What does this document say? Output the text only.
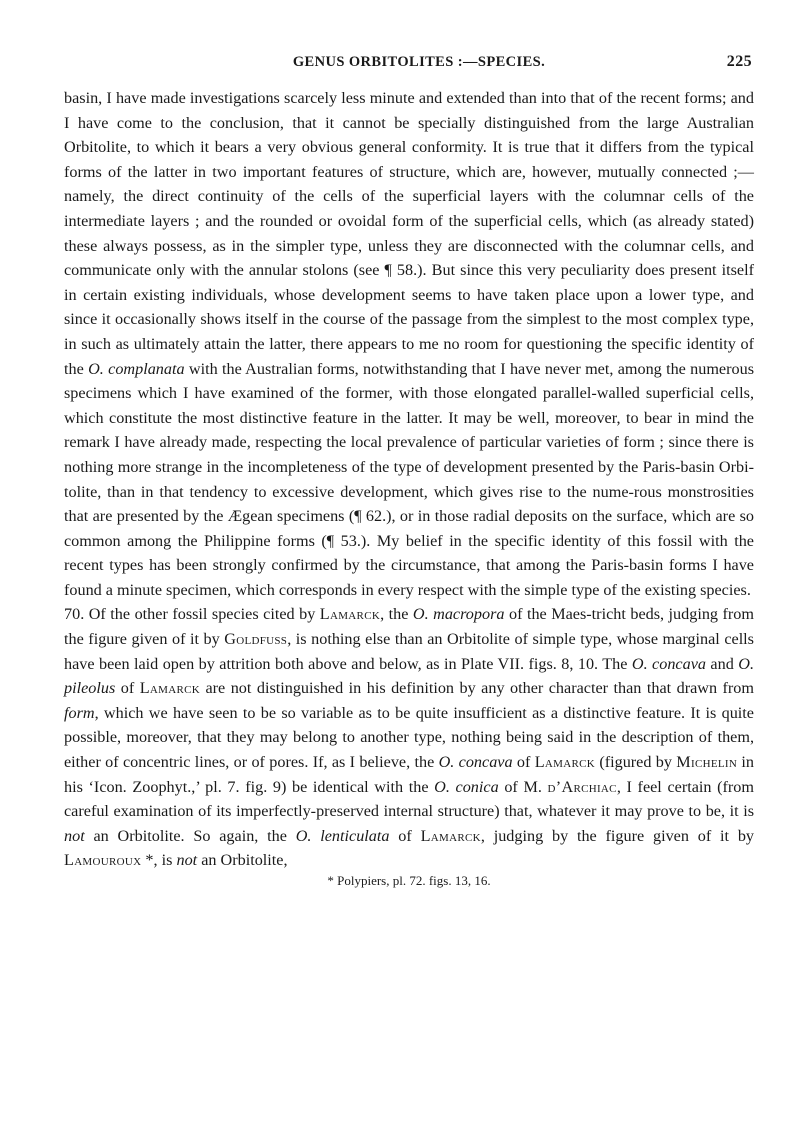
GENUS ORBITOLITES :—SPECIES.	225

basin, I have made investigations scarcely less minute and extended than into that of the recent forms; and I have come to the conclusion, that it cannot be specially distinguished from the large Australian Orbitolite, to which it bears a very obvious general conformity. It is true that it differs from the typical forms of the latter in two important features of structure, which are, however, mutually connected ;— namely, the direct continuity of the cells of the superficial layers with the columnar cells of the intermediate layers ; and the rounded or ovoidal form of the superficial cells, which (as already stated) these always possess, as in the simpler type, unless they are disconnected with the columnar cells, and communicate only with the annular stolons (see ¶ 58.). But since this very peculiarity does present itself in certain existing individuals, whose development seems to have taken place upon a lower type, and since it occasionally shows itself in the course of the passage from the simplest to the most complex type, in such as ultimately attain the latter, there appears to me no room for questioning the specific identity of the O. complanata with the Australian forms, notwithstanding that I have never met, among the numerous specimens which I have examined of the former, with those elongated parallel-walled superficial cells, which constitute the most distinctive feature in the latter. It may be well, moreover, to bear in mind the remark I have already made, respecting the local prevalence of particular varieties of form ; since there is nothing more strange in the incompleteness of the type of development presented by the Paris-basin Orbi-tolite, than in that tendency to excessive development, which gives rise to the nume-rous monstrosities that are presented by the Ægean specimens (¶ 62.), or in those radial deposits on the surface, which are so common among the Philippine forms (¶ 53.). My belief in the specific identity of this fossil with the recent types has been strongly confirmed by the circumstance, that among the Paris-basin forms I have found a minute specimen, which corresponds in every respect with the simple type of the existing species.

70. Of the other fossil species cited by Lamarck, the O. macropora of the Maes-tricht beds, judging from the figure given of it by Goldfuss, is nothing else than an Orbitolite of simple type, whose marginal cells have been laid open by attrition both above and below, as in Plate VII. figs. 8, 10. The O. concava and O. pileolus of Lamarck are not distinguished in his definition by any other character than that drawn from form, which we have seen to be so variable as to be quite insufficient as a distinctive feature. It is quite possible, moreover, that they may belong to another type, nothing being said in the description of them, either of concentric lines, or of pores. If, as I believe, the O. concava of Lamarck (figured by Michelin in his ‘Icon. Zoophyt.,’ pl. 7. fig. 9) be identical with the O. conica of M. d’Archiac, I feel certain (from careful examination of its imperfectly-preserved internal structure) that, whatever it may prove to be, it is not an Orbitolite. So again, the O. lenticulata of Lamarck, judging by the figure given of it by Lamouroux *, is not an Orbitolite,

* Polypiers, pl. 72. figs. 13, 16.
